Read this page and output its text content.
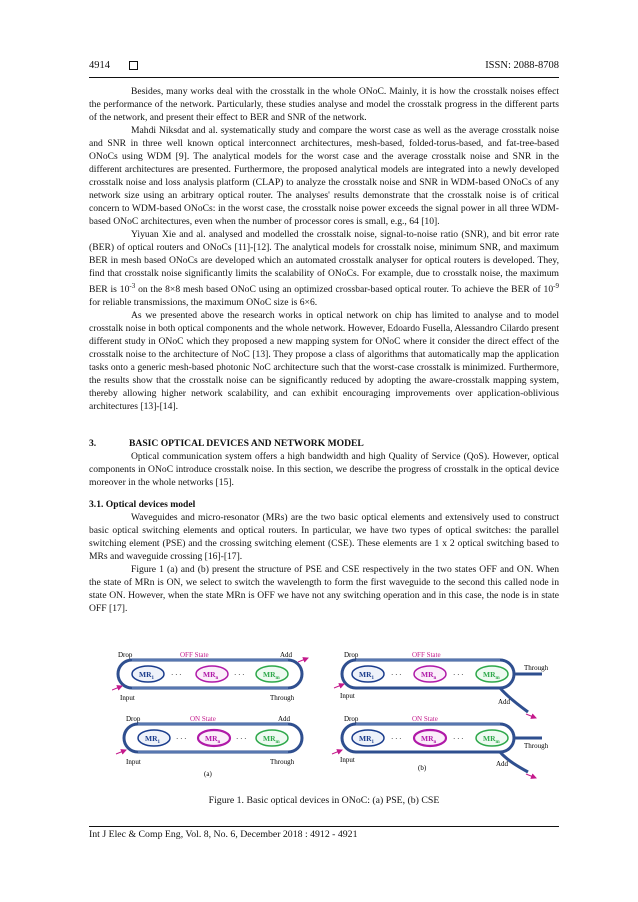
4914	ISSN: 2088-8708

Besides, many works deal with the crosstalk in the whole ONoC. Mainly, it is how the crosstalk noises effect the performance of the network. Particularly, these studies analyse and model the crosstalk progress in the different parts of the network, and present their effect to BER and SNR of the network.

Mahdi Niksdat and al. systematically study and compare the worst case as well as the average crosstalk noise and SNR in three well known optical interconnect architectures, mesh-based, folded-torus-based, and fat-tree-based ONoCs using WDM [9]. The analytical models for the worst case and the average crosstalk noise and SNR in the different architectures are presented. Furthermore, the proposed analytical models are integrated into a newly developed crosstalk noise and loss analysis platform (CLAP) to analyze the crosstalk noise and SNR in WDM-based ONoCs of any network size using an arbitrary optical router. The analyses' results demonstrate that the crosstalk noise is of critical concern to WDM-based ONoCs: in the worst case, the crosstalk noise power exceeds the signal power in all three WDM-based ONoC architectures, even when the number of processor cores is small, e.g., 64 [10].

Yiyuan Xie and al. analysed and modelled the crosstalk noise, signal-to-noise ratio (SNR), and bit error rate (BER) of optical routers and ONoCs [11]-[12]. The analytical models for crosstalk noise, minimum SNR, and maximum BER in mesh based ONoCs are developed which an automated crosstalk analyser for optical routers is developed. They, find that crosstalk noise significantly limits the scalability of ONoCs. For example, due to crosstalk noise, the maximum BER is $10^{-3}$ on the 8×8 mesh based ONoC using an optimized crossbar-based optical router. To achieve the BER of $10^{-9}$ for reliable transmissions, the maximum ONoC size is 6×6.

As we presented above the research works in optical network on chip has limited to analyse and to model crosstalk noise in both optical components and the whole network. However, Edoardo Fusella, Alessandro Cilardo present different study in ONoC which they proposed a new mapping system for ONoC where it consider the direct effect of the crosstalk noise to the architecture of NoC [13]. They propose a class of algorithms that automatically map the application tasks onto a generic mesh-based photonic NoC architecture such that the worst-case crosstalk is minimized. Furthermore, the results show that the crosstalk noise can be significantly reduced by adopting the aware-crosstalk mapping system, thereby allowing higher network scalability, and can exhibit encouraging improvements over application-oblivious architectures [13]-[14].

3.	BASIC OPTICAL DEVICES AND NETWORK MODEL

Optical communication system offers a high bandwidth and high Quality of Service (QoS). However, optical components in ONoC introduce crosstalk noise. In this section, we describe the progress of crosstalk in the optical device moreover in the whole networks [15].

3.1. Optical devices model

Waveguides and micro-resonator (MRs) are the two basic optical elements and extensively used to construct basic optical switching elements and optical routers. In particular, we have two types of optical switches: the parallel switching element (PSE) and the crossing switching element (CSE). These elements are 1 x 2 optical switching based to MRs and waveguide crossing [16]-[17].

Figure 1 (a) and (b) present the structure of PSE and CSE respectively in the two states OFF and ON. When the state of MRn is ON, we select to switch the wavelength to form the first waveguide to the second this called node in state ON. However, when the state MRn is OFF we have not any switching operation and in this case, the node is in state OFF [17].

Drop	OFF State	Add
Input	Through
$MR_1$ · · ·	$MR_n$ · · · $MR_m$
Drop	ON State	Add
Input	Through
$MR_1$ · · · $MR_n$ · · · $MR_m$
(a)
Drop	OFF State
Input
Through
Add
$MR_1$ · · ·	$MR_n$ · · ·	$MR_m$
Drop	ON State
Input
Through
Add
$MR_1$ · · ·	$MR_n$ · · ·	$MR_m$
(b)
Figure 1. Basic optical devices in ONoC: (a) PSE, (b) CSE
Int J Elec & Comp Eng, Vol. 8, No. 6, December 2018 : 4912 - 4921
